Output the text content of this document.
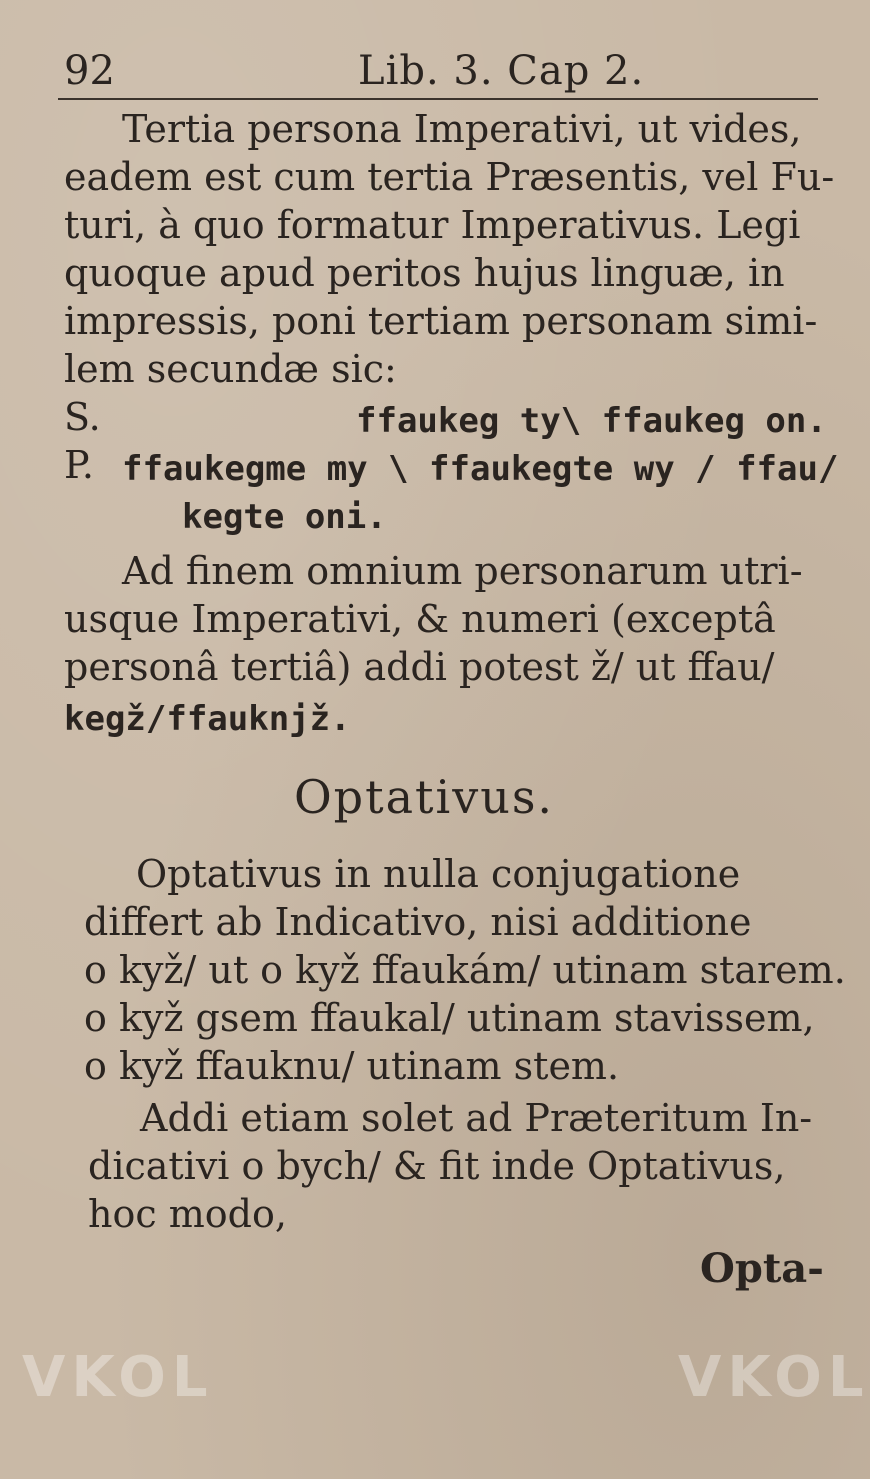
92	Lib. 3. Cap 2.
Tertia persona Imperativi, ut vides,
eadem est cum tertia Præsentis, vel Fu-
turi, à quo formatur Imperativus. Legi
quoque apud peritos hujus linguæ, in
impressis, poni tertiam personam simi-
lem secundæ sic:
S.	ffaukeg ty\ ffaukeg on.
P. ffaukegme my \ ffaukegte wy / ffau/
kegte oni.
Ad finem omnium personarum utri-
usque Imperativi, & numeri (exceptâ
personâ tertiâ) addi potest ž/ ut ffau/
kegž/ffauknjž.
Optativus.
Optativus in nulla conjugatione
differt ab Indicativo, nisi additione
o kyž/ ut o kyž ffaukám/ utinam starem.
o kyž gsem ffaukal/ utinam stavissem,
o kyž ffauknu/ utinam stem.
Addi etiam solet ad Præteritum In-
dicativi o bych/ & fit inde Optativus,
hoc modo,
Opta-
VKOL	VKOL
